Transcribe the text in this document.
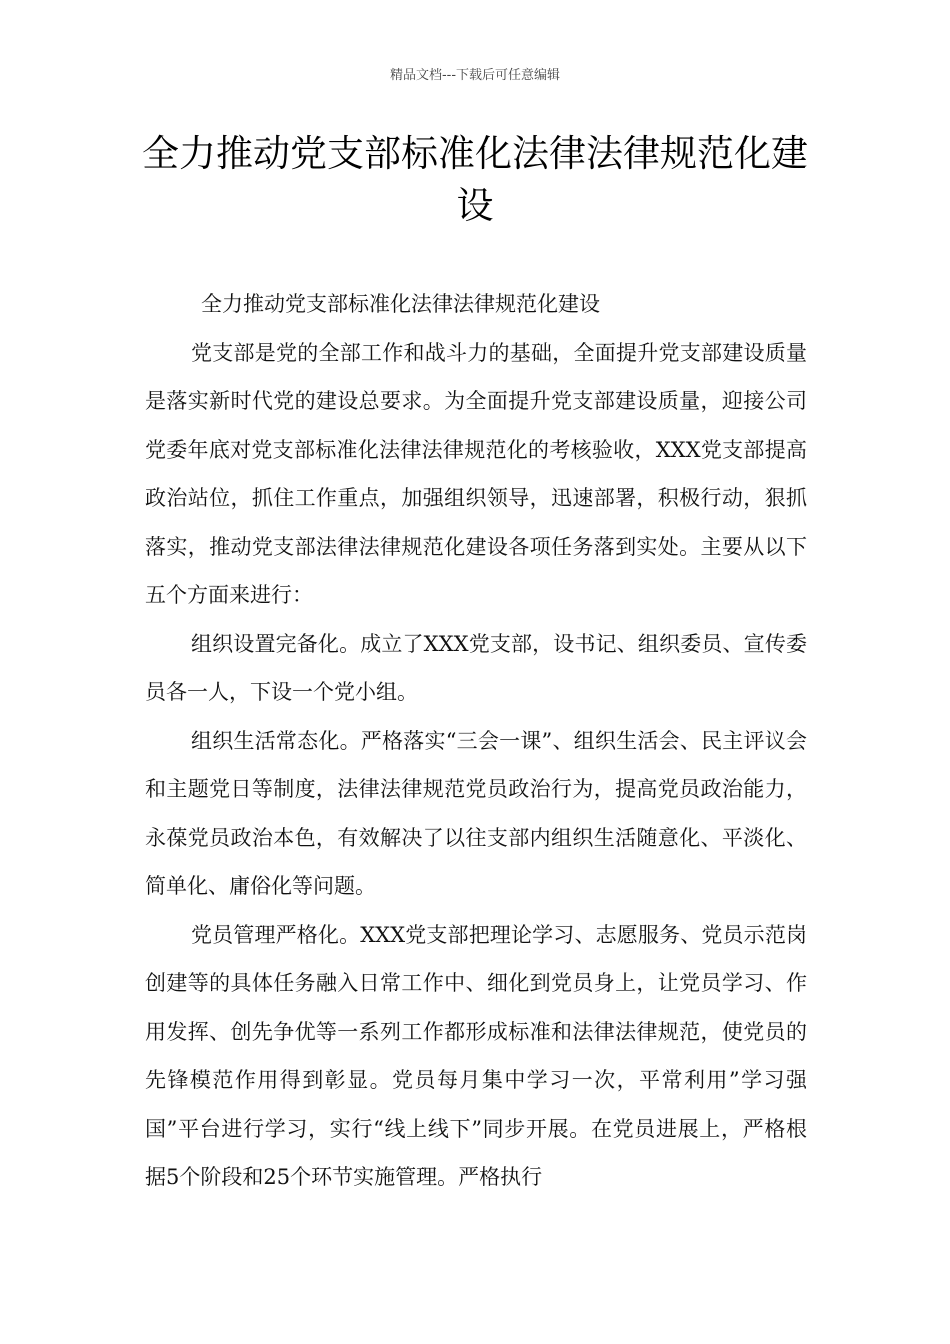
精品文档---下载后可任意编辑
全力推动党支部标准化法律法律规范化建设

全力推动党支部标准化法律法律规范化建设

党支部是党的全部工作和战斗力的基础，全面提升党支部建设质量是落实新时代党的建设总要求。为全面提升党支部建设质量，迎接公司党委年底对党支部标准化法律法律规范化的考核验收，XXX党支部提高政治站位，抓住工作重点，加强组织领导，迅速部署，积极行动，狠抓落实，推动党支部法律法律规范化建设各项任务落到实处。主要从以下五个方面来进行：

组织设置完备化。成立了XXX党支部，设书记、组织委员、宣传委员各一人，下设一个党小组。

组织生活常态化。严格落实“三会一课”、组织生活会、民主评议会和主题党日等制度，法律法律规范党员政治行为，提高党员政治能力，永葆党员政治本色，有效解决了以往支部内组织生活随意化、平淡化、简单化、庸俗化等问题。

党员管理严格化。XXX党支部把理论学习、志愿服务、党员示范岗创建等的具体任务融入日常工作中、细化到党员身上，让党员学习、作用发挥、创先争优等一系列工作都形成标准和法律法律规范，使党员的先锋模范作用得到彰显。党员每月集中学习一次，平常利用”学习强国”平台进行学习，实行“线上线下”同步开展。在党员进展上，严格根据5个阶段和25个环节实施管理。严格执行
